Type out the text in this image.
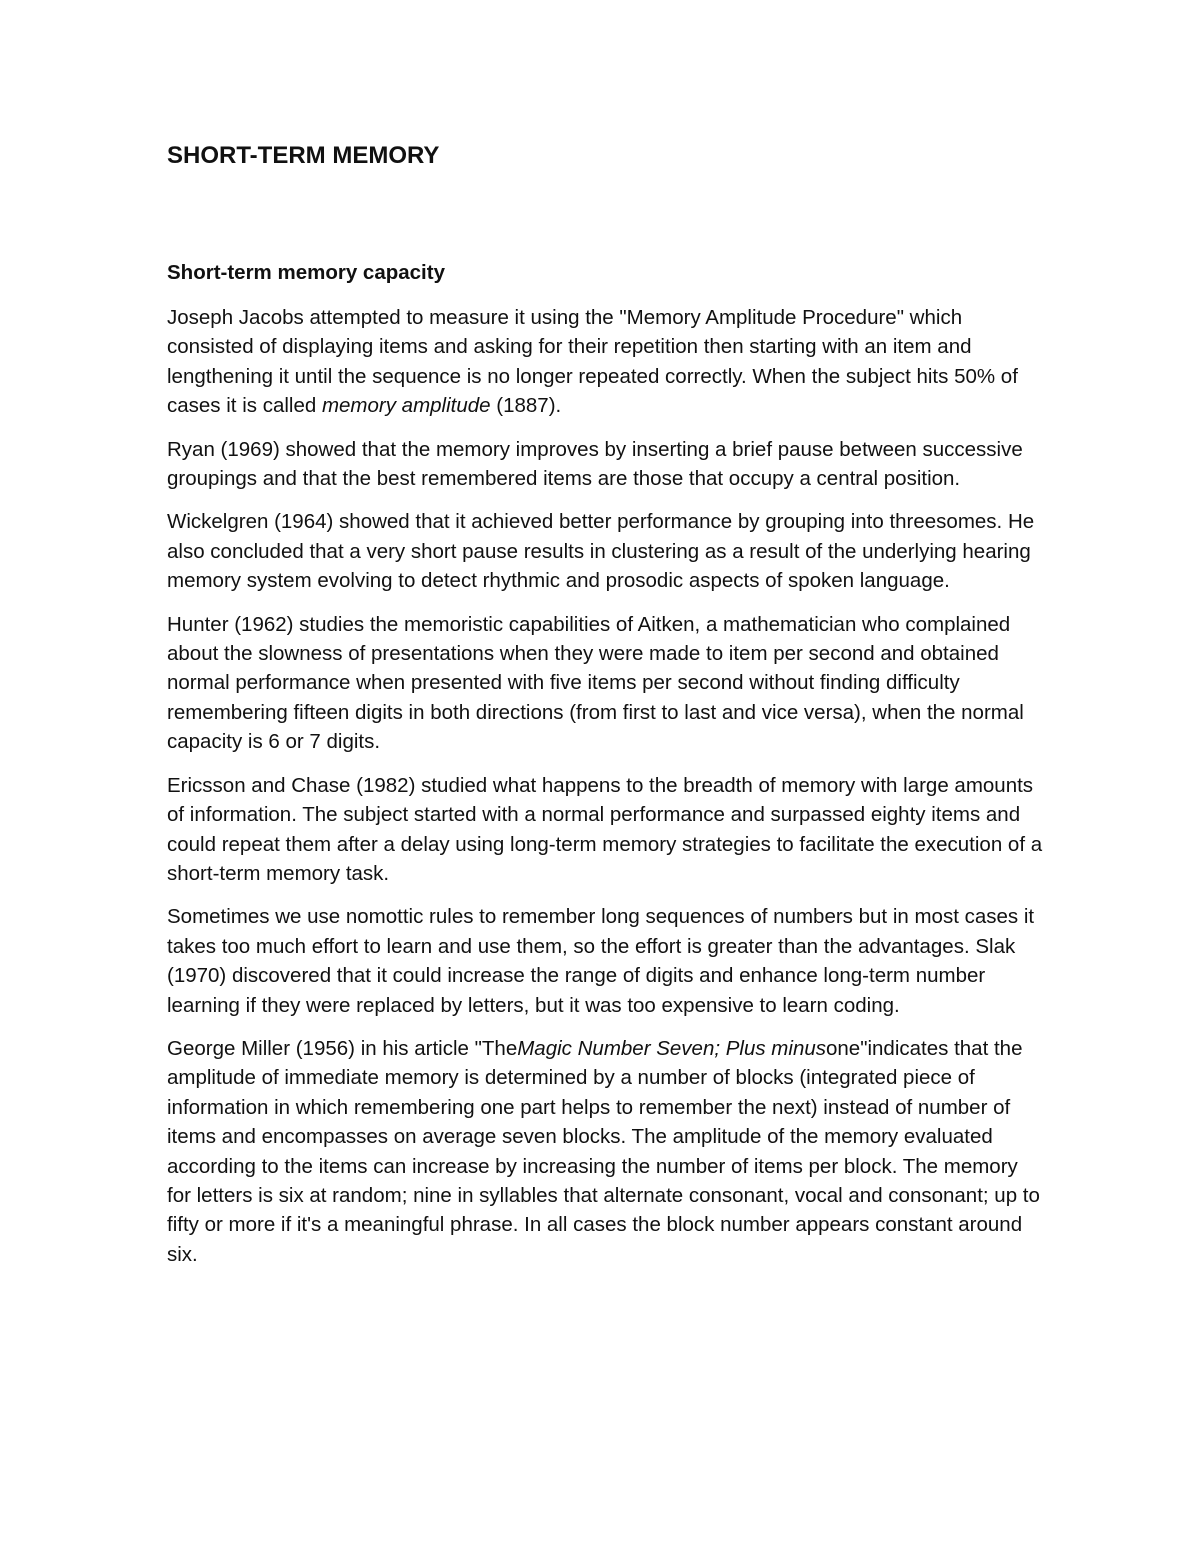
SHORT-TERM MEMORY
Short-term memory capacity

Joseph Jacobs attempted to measure it using the "Memory Amplitude Procedure" which consisted of displaying items and asking for their repetition then starting with an item and lengthening it until the sequence is no longer repeated correctly. When the subject hits 50% of cases it is called memory amplitude (1887).

Ryan (1969) showed that the memory improves by inserting a brief pause between successive groupings and that the best remembered items are those that occupy a central position.

Wickelgren (1964) showed that it achieved better performance by grouping into threesomes. He also concluded that a very short pause results in clustering as a result of the underlying hearing memory system evolving to detect rhythmic and prosodic aspects of spoken language.

Hunter (1962) studies the memoristic capabilities of Aitken, a mathematician who complained about the slowness of presentations when they were made to item per second and obtained normal performance when presented with five items per second without finding difficulty remembering fifteen digits in both directions (from first to last and vice versa), when the normal capacity is 6 or 7 digits.

Ericsson and Chase (1982) studied what happens to the breadth of memory with large amounts of information. The subject started with a normal performance and surpassed eighty items and could repeat them after a delay using long-term memory strategies to facilitate the execution of a short-term memory task.

Sometimes we use nomottic rules to remember long sequences of numbers but in most cases it takes too much effort to learn and use them, so the effort is greater than the advantages. Slak (1970) discovered that it could increase the range of digits and enhance long-term number learning if they were replaced by letters, but it was too expensive to learn coding.

George Miller (1956) in his article "TheMagic Number Seven; Plus minusone"indicates that the amplitude of immediate memory is determined by a number of blocks (integrated piece of information in which remembering one part helps to remember the next) instead of number of items and encompasses on average seven blocks. The amplitude of the memory evaluated according to the items can increase by increasing the number of items per block. The memory for letters is six at random; nine in syllables that alternate consonant, vocal and consonant; up to fifty or more if it's a meaningful phrase. In all cases the block number appears constant around six.
